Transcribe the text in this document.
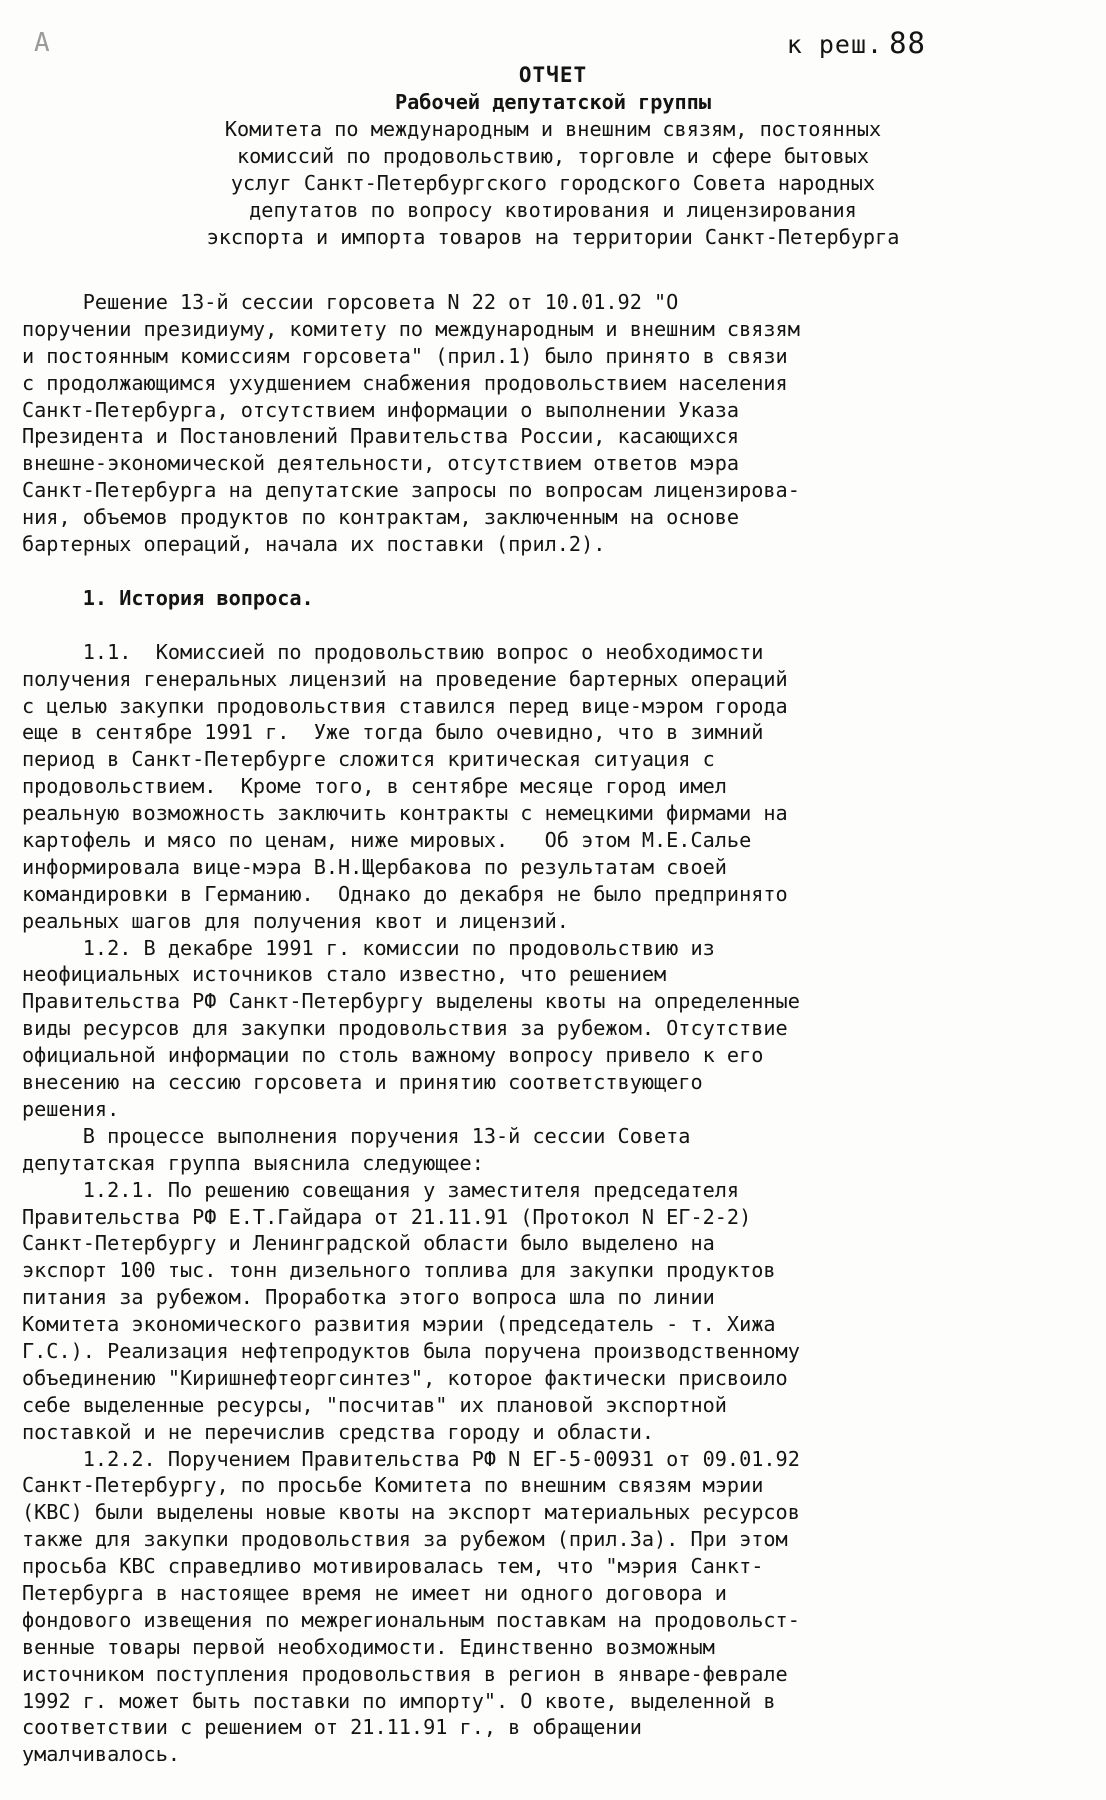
А	к реш. 88
ОТЧЕТ
Рабочей депутатской группы
Комитета по международным и внешним связям, постоянных
комиссий по продовольствию, торговле и сфере бытовых
услуг Санкт-Петербургского городского Совета народных
депутатов по вопросу квотирования и лицензирования
экспорта и импорта товаров на территории Санкт-Петербурга
Решение 13-й сессии горсовета N 22 от 10.01.92 "О
поручении президиуму, комитету по международным и внешним связям
и постоянным комиссиям горсовета" (прил.1) было принято в связи
с продолжающимся ухудшением снабжения продовольствием населения
Санкт-Петербурга, отсутствием информации о выполнении Указа
Президента и Постановлений Правительства России, касающихся
внешне-экономической деятельности, отсутствием ответов мэра
Санкт-Петербурга на депутатские запросы по вопросам лицензирова-
ния, объемов продуктов по контрактам, заключенным на основе
бартерных операций, начала их поставки (прил.2).
1. История вопроса.
1.1.  Комиссией по продовольствию вопрос о необходимости
получения генеральных лицензий на проведение бартерных операций
с целью закупки продовольствия ставился перед вице-мэром города
еще в сентябре 1991 г.  Уже тогда было очевидно, что в зимний
период в Санкт-Петербурге сложится критическая ситуация с
продовольствием.  Кроме того, в сентябре месяце город имел
реальную возможность заключить контракты с немецкими фирмами на
картофель и мясо по ценам, ниже мировых.   Об этом М.Е.Салье
информировала вице-мэра В.Н.Щербакова по результатам своей
командировки в Германию.  Однако до декабря не было предпринято
реальных шагов для получения квот и лицензий.
1.2. В декабре 1991 г. комиссии по продовольствию из
неофициальных источников стало известно, что решением
Правительства РФ Санкт-Петербургу выделены квоты на определенные
виды ресурсов для закупки продовольствия за рубежом. Отсутствие
официальной информации по столь важному вопросу привело к его
внесению на сессию горсовета и принятию соответствующего
решения.
В процессе выполнения поручения 13-й сессии Совета
депутатская группа выяснила следующее:
1.2.1. По решению совещания у заместителя председателя
Правительства РФ Е.Т.Гайдара от 21.11.91 (Протокол N ЕГ-2-2)
Санкт-Петербургу и Ленинградской области было выделено на
экспорт 100 тыс. тонн дизельного топлива для закупки продуктов
питания за рубежом. Проработка этого вопроса шла по линии
Комитета экономического развития мэрии (председатель - т. Хижа
Г.С.). Реализация нефтепродуктов была поручена производственному
объединению "Киришнефтеоргсинтез", которое фактически присвоило
себе выделенные ресурсы, "посчитав" их плановой экспортной
поставкой и не перечислив средства городу и области.
1.2.2. Поручением Правительства РФ N ЕГ-5-00931 от 09.01.92
Санкт-Петербургу, по просьбе Комитета по внешним связям мэрии
(КВС) были выделены новые квоты на экспорт материальных ресурсов
также для закупки продовольствия за рубежом (прил.3а). При этом
просьба КВС справедливо мотивировалась тем, что "мэрия Санкт-
Петербурга в настоящее время не имеет ни одного договора и
фондового извещения по межрегиональным поставкам на продовольст-
венные товары первой необходимости. Единственно возможным
источником поступления продовольствия в регион в январе-феврале
1992 г. может быть поставки по импорту". О квоте, выделенной в
соответствии с решением от 21.11.91 г., в обращении
умалчивалось.
